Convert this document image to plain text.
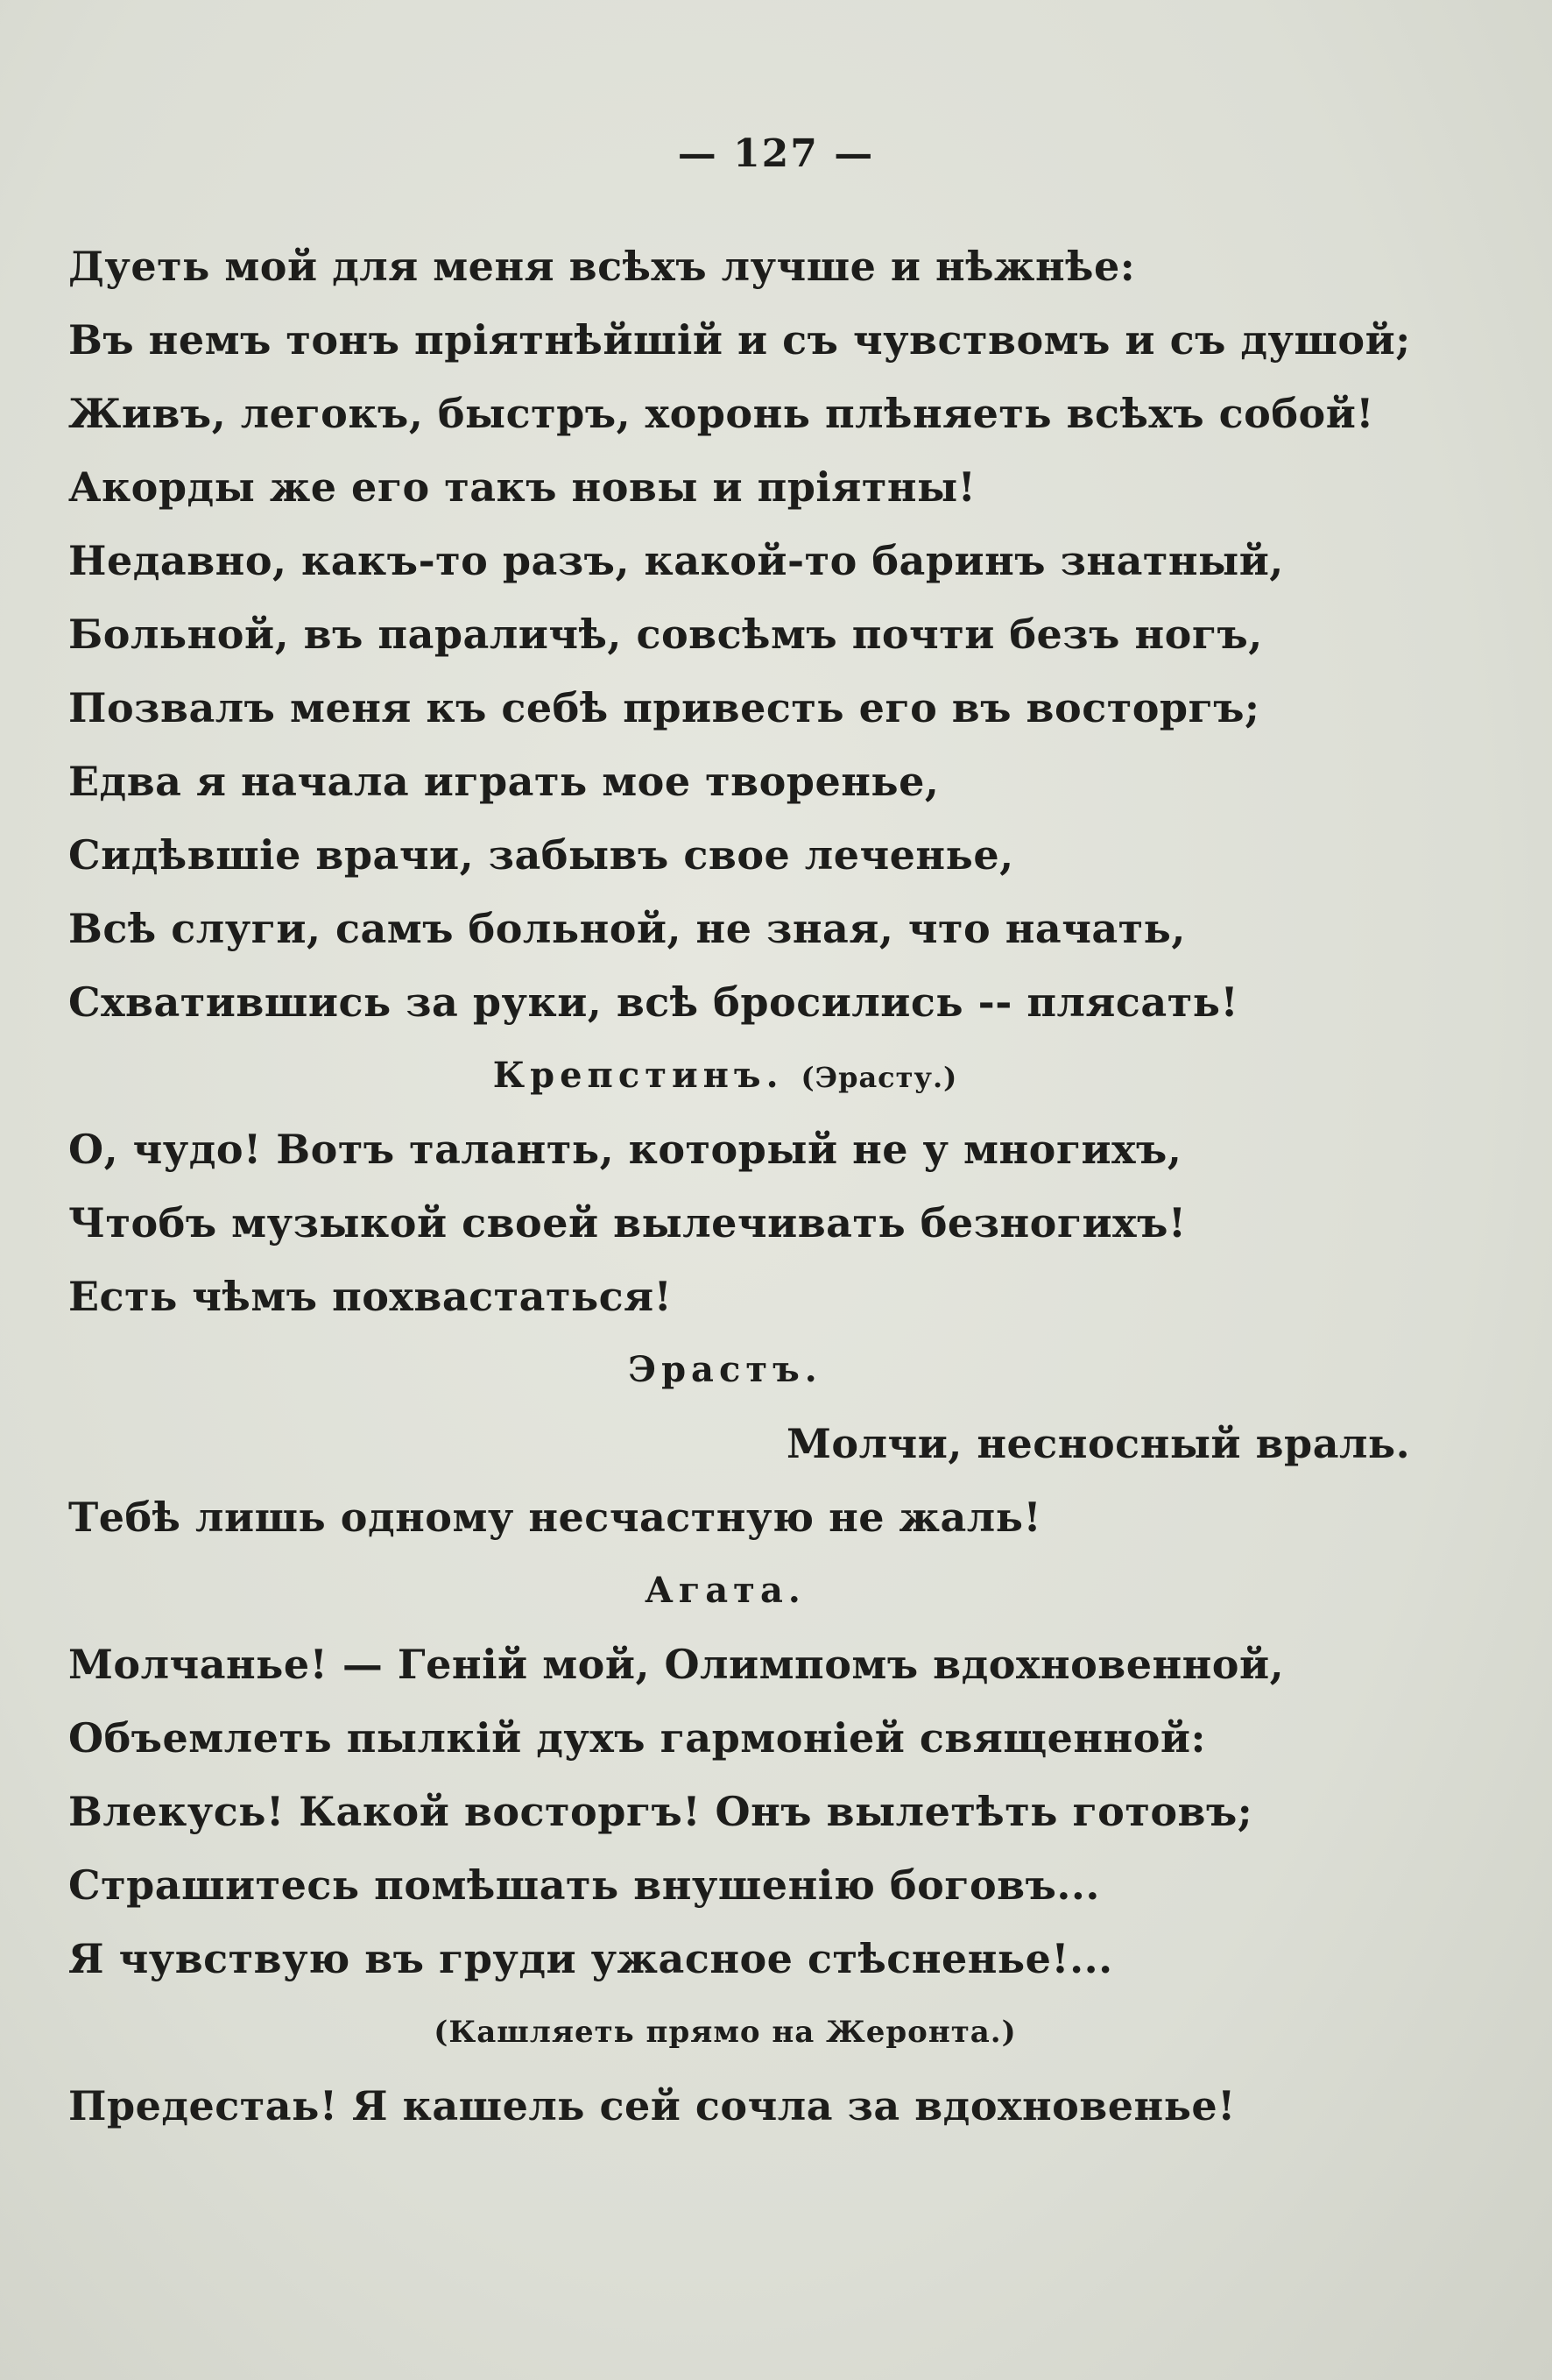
— 127 —
Дуеть мой для меня всѣхъ лучше и нѣжнѣе:
Въ немъ тонъ пріятнѣйшій и съ чувствомъ и съ душой;
Живъ, легокъ, быстръ, хоронь плѣняеть всѣхъ собой!
Акорды же его такъ новы и пріятны!
Недавно, какъ-то разъ, какой-то баринъ знатный,
Больной, въ параличѣ, совсѣмъ почти безъ ногъ,
Позвалъ меня къ себѣ привесть его въ восторгъ;
Едва я начала играть мое творенье,
Сидѣвшіе врачи, забывъ свое леченье,
Всѣ слуги, самъ больной, не зная, что начать,
Схватившись за руки, всѣ бросились -- плясать!
Крепстинъ. (Эрасту.)
О, чудо! Вотъ таланть, который не у многихъ,
Чтобъ музыкой своей вылечивать безногихъ!
Есть чѣмъ похвастаться!
Эрастъ.
Молчи, несносный враль.
Тебѣ лишь одному несчастную не жаль!
Агата.
Молчанье! — Геній мой, Олимпомъ вдохновенной,
Объемлеть пылкій духъ гармоніей священной:
Влекусь! Какой восторгъ! Онъ вылетѣть готовъ;
Страшитесь помѣшать внушенію боговъ...
Я чувствую въ груди ужасное стѣсненье!...
(Кашляеть прямо на Жеронта.)
Предестаь! Я кашель сей сочла за вдохновенье!
